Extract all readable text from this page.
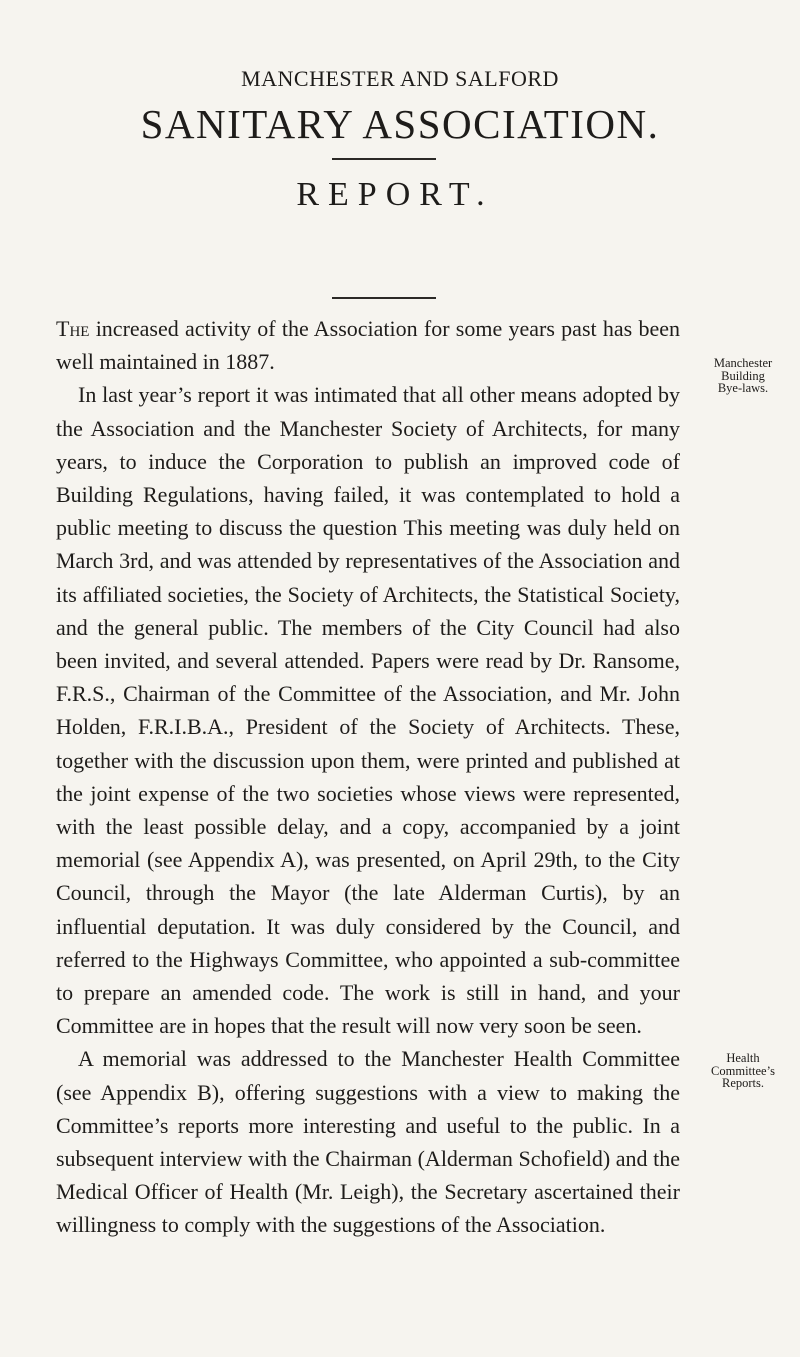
MANCHESTER AND SALFORD
SANITARY ASSOCIATION.
REPORT.

The increased activity of the Association for some years past has been well maintained in 1887.

In last year’s report it was intimated that all other means adopted by the Association and the Manchester Society of Architects, for many years, to induce the Corporation to publish an improved code of Building Regulations, having failed, it was contemplated to hold a public meeting to discuss the question This meeting was duly held on March 3rd, and was attended by representatives of the Association and its affiliated societies, the Society of Architects, the Statistical Society, and the general public. The members of the City Council had also been invited, and several attended. Papers were read by Dr. Ransome, F.R.S., Chairman of the Committee of the Association, and Mr. John Holden, F.R.I.B.A., President of the Society of Architects. These, together with the discussion upon them, were printed and published at the joint expense of the two societies whose views were represented, with the least possible delay, and a copy, accompanied by a joint memorial (see Appendix A), was presented, on April 29th, to the City Council, through the Mayor (the late Alderman Curtis), by an influential deputation. It was duly considered by the Council, and referred to the Highways Committee, who appointed a sub-committee to prepare an amended code. The work is still in hand, and your Committee are in hopes that the result will now very soon be seen.

A memorial was addressed to the Manchester Health Committee (see Appendix B), offering suggestions with a view to making the Committee’s reports more interesting and useful to the public. In a subsequent interview with the Chairman (Alderman Schofield) and the Medical Officer of Health (Mr. Leigh), the Secretary ascertained their willingness to comply with the suggestions of the Association.

Manchester
Building
Bye-laws.
Health
Committee’s
Reports.
